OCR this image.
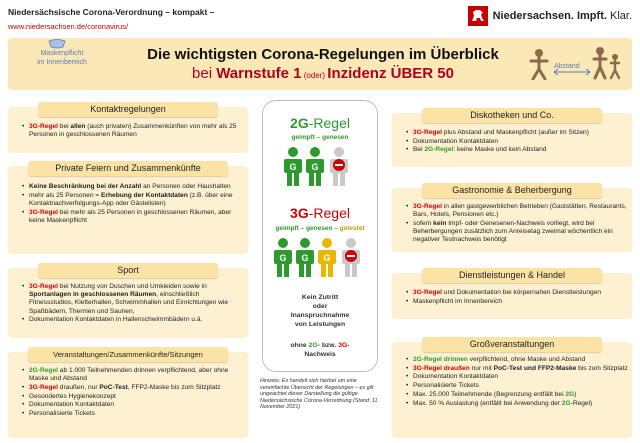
Niedersächsische Corona-Verordnung – kompakt –
www.niedersachsen.de/coronavirus/
Niedersachsen. Impft. Klar.
Maskenpflicht
im Innenbereich	Die wichtigsten Corona-Regelungen im Überblick
bei Warnstufe 1 (oder) Inzidenz ÜBER 50	Abstand
Kontaktregelungen
• 3G-Regel bei allen (auch privaten) Zusammenkünften von mehr als 25 Personen in geschlossenen Räumen
Private Feiern und Zusammenkünfte
• Keine Beschränkung bei der Anzahl an Personen oder Haushalten
• mehr als 25 Personen = Erhebung der Kontaktdaten (z.B. über eine Kontaktnachverfolgungs-App oder Gästelisten)
• 3G-Regel bei mehr als 25 Personen in geschlossenen Räumen, aber keine Maskenpflicht
Sport
• 3G-Regel bei Nutzung von Duschen und Umkleiden sowie in Sportanlagen in geschlossenen Räumen, einschließlich Fitnessstudios, Kletterhallen, Schwimmhallen und Einrichtungen wie Spaßbädern, Thermen und Saunen,
• Dokumentation Kontaktdaten in Hallenschwimmbädern u.ä.
Veranstaltungen/Zusammenkünfte/Sitzungen
• 2G-Regel ab 1.000 Teilnehmenden drinnen verpflichtend, aber ohne Maske und Abstand
• 3G-Regel draußen, nur PoC-Test, FFP2-Maske bis zum Sitzplatz
• Gesondertes Hygienekonzept
• Dokumentation Kontaktdaten
• Personalisierte Tickets
2G-Regel
geimpft – genesen
G G
3G-Regel
geimpft – genesen – getestet
G G G
Kein Zutritt
oder
Inanspruchnahme
von Leistungen
ohne 2G- bzw. 3G-
Nachweis
Hinweis: Es handelt sich hierbei um eine vereinfachte Übersicht der Regelungen – es gilt ungeachtet dieser Darstellung die gültige Niedersächsische Corona-Verordnung (Stand: 11. November 2021)
Diskotheken und Co.
• 3G-Regel plus Abstand und Maskenpflicht (außer im Sitzen)
• Dokumentation Kontaktdaten
• Bei 2G-Regel: keine Maske und kein Abstand
Gastronomie & Beherbergung
• 3G-Regel in allen gastgewerblichen Betrieben (Gaststätten, Restaurants, Bars, Hotels, Pensionen etc.)
• sofern kein Impf- oder Genesenen-Nachweis vorliegt, wird bei Beherbergungen zusätzlich zum Anreisetag zweimal wöchentlich ein negativer Testnachweis benötigt
Dienstleistungen & Handel
• 3G-Regel und Dokumentation bei körpernahen Dienstleistungen
• Maskenpflicht im Innenbereich
Großveranstaltungen
• 2G-Regel drinnen verpflichtend, ohne Maske und Abstand
• 3G-Regel draußen nur mit PoC-Test und FFP2-Maske bis zum Sitzplatz
• Dokumentation Kontaktdaten
• Personalisierte Tickets
• Max. 25.000 Teilnehmende (Begrenzung entfällt bei 2G)
• Max. 50 % Auslastung (entfällt bei Anwendung der 2G-Regel)
